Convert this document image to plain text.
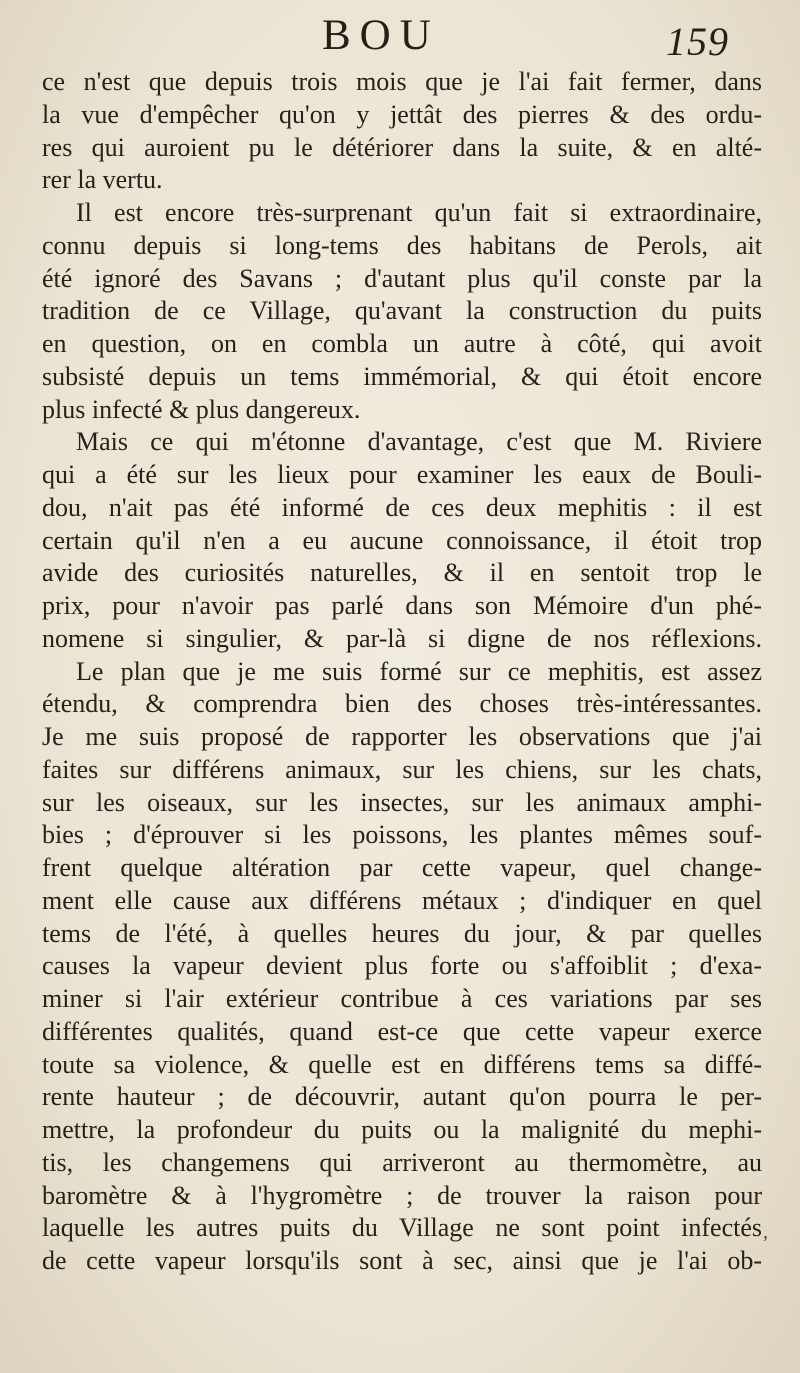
BOU	159
ce n'est que depuis trois mois que je l'ai fait fermer, dans
la vue d'empêcher qu'on y jettât des pierres & des ordu-
res qui auroient pu le détériorer dans la suite, & en alté-
rer la vertu.
Il est encore très-surprenant qu'un fait si extraordinaire,
connu depuis si long-tems des habitans de Perols, ait
été ignoré des Savans ; d'autant plus qu'il conste par la
tradition de ce Village, qu'avant la construction du puits
en question, on en combla un autre à côté, qui avoit
subsisté depuis un tems immémorial, & qui étoit encore
plus infecté & plus dangereux.
Mais ce qui m'étonne d'avantage, c'est que M. Riviere
qui a été sur les lieux pour examiner les eaux de Bouli-
dou, n'ait pas été informé de ces deux mephitis : il est
certain qu'il n'en a eu aucune connoissance, il étoit trop
avide des curiosités naturelles, & il en sentoit trop le
prix, pour n'avoir pas parlé dans son Mémoire d'un phé-
nomene si singulier, & par-là si digne de nos réflexions.
Le plan que je me suis formé sur ce mephitis, est assez
étendu, & comprendra bien des choses très-intéressantes.
Je me suis proposé de rapporter les observations que j'ai
faites sur différens animaux, sur les chiens, sur les chats,
sur les oiseaux, sur les insectes, sur les animaux amphi-
bies ; d'éprouver si les poissons, les plantes mêmes souf-
frent quelque altération par cette vapeur, quel change-
ment elle cause aux différens métaux ; d'indiquer en quel
tems de l'été, à quelles heures du jour, & par quelles
causes la vapeur devient plus forte ou s'affoiblit ; d'exa-
miner si l'air extérieur contribue à ces variations par ses
différentes qualités, quand est-ce que cette vapeur exerce
toute sa violence, & quelle est en différens tems sa diffé-
rente hauteur ; de découvrir, autant qu'on pourra le per-
mettre, la profondeur du puits ou la malignité du mephi-
tis, les changemens qui arriveront au thermomètre, au
baromètre & à l'hygromètre ; de trouver la raison pour
laquelle les autres puits du Village ne sont point infectés
de cette vapeur lorsqu'ils sont à sec, ainsi que je l'ai ob-
’
